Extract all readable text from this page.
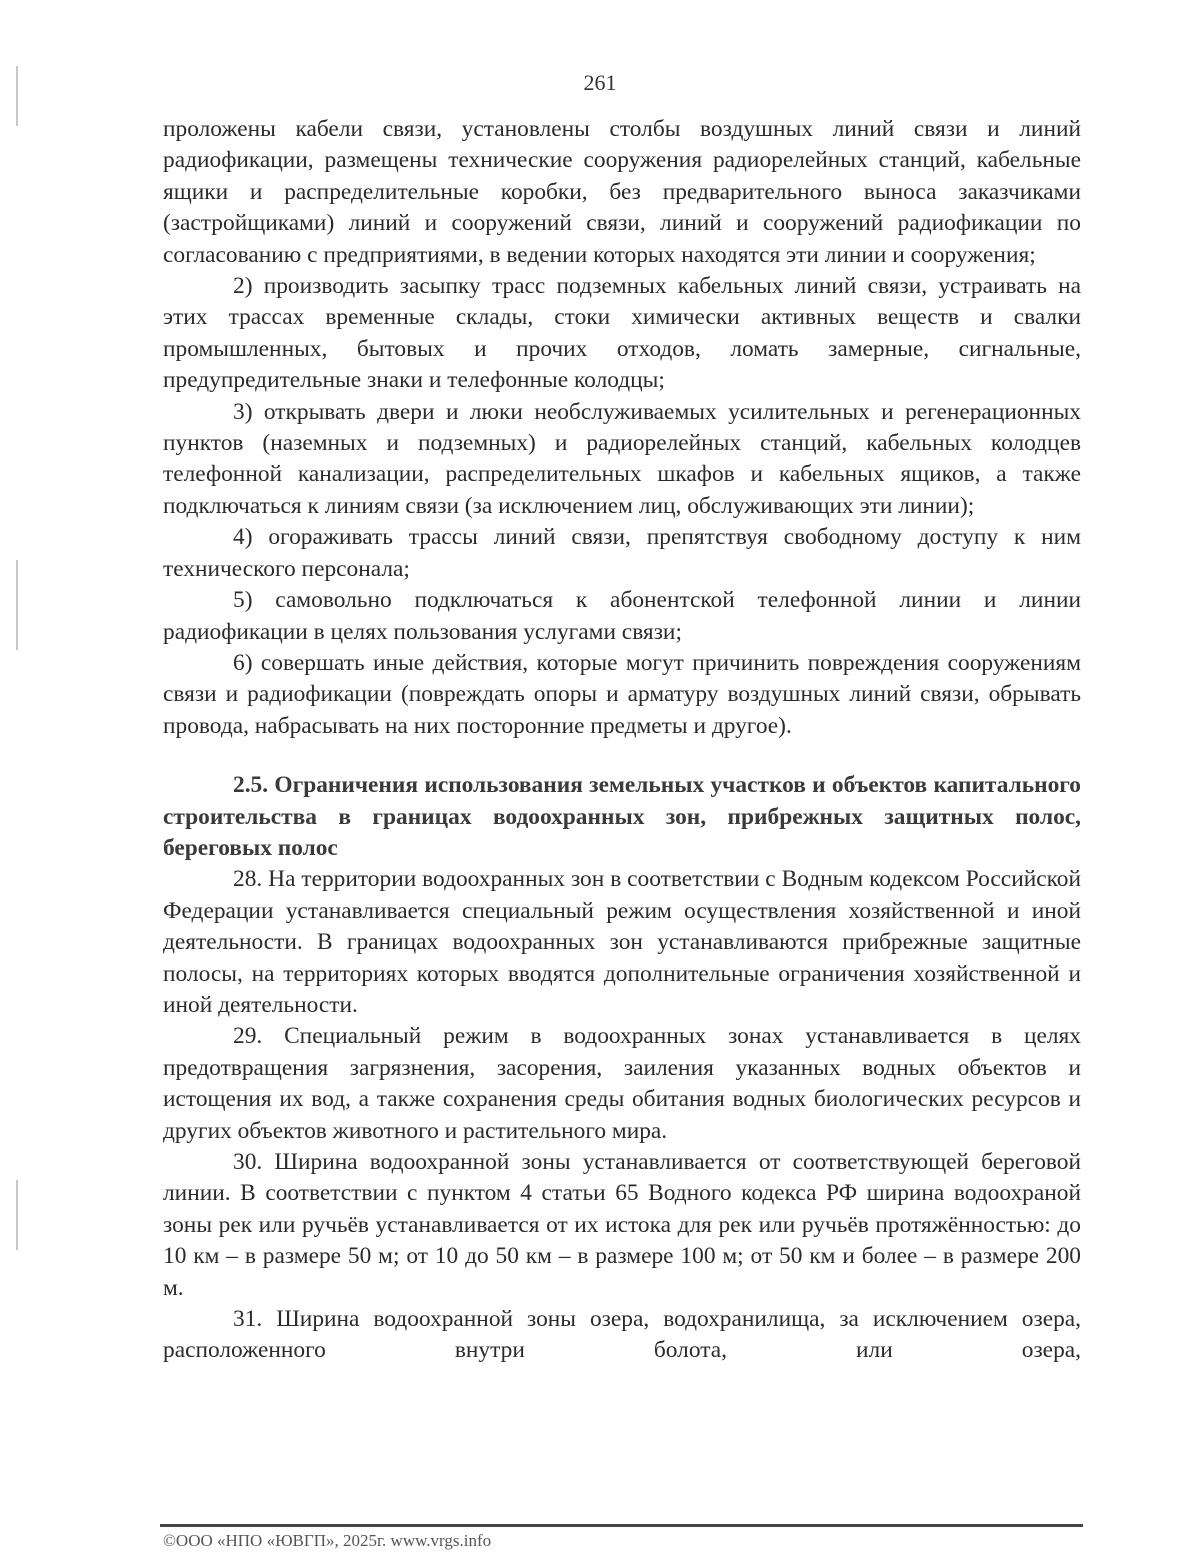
261

проложены кабели связи, установлены столбы воздушных линий связи и линий радиофикации, размещены технические сооружения радиорелейных станций, кабельные ящики и распределительные коробки, без предварительного выноса заказчиками (застройщиками) линий и сооружений связи, линий и сооружений радиофикации по согласованию с предприятиями, в ведении которых находятся эти линии и сооружения;

2) производить засыпку трасс подземных кабельных линий связи, устраивать на этих трассах временные склады, стоки химически активных веществ и свалки промышленных, бытовых и прочих отходов, ломать замерные, сигнальные, предупредительные знаки и телефонные колодцы;

3) открывать двери и люки необслуживаемых усилительных и регенерационных пунктов (наземных и подземных) и радиорелейных станций, кабельных колодцев телефонной канализации, распределительных шкафов и кабельных ящиков, а также подключаться к линиям связи (за исключением лиц, обслуживающих эти линии);

4) огораживать трассы линий связи, препятствуя свободному доступу к ним технического персонала;

5) самовольно подключаться к абонентской телефонной линии и линии радиофикации в целях пользования услугами связи;

6) совершать иные действия, которые могут причинить повреждения сооружениям связи и радиофикации (повреждать опоры и арматуру воздушных линий связи, обрывать провода, набрасывать на них посторонние предметы и другое).

2.5. Ограничения использования земельных участков и объектов капитального строительства в границах водоохранных зон, прибрежных защитных полос, береговых полос

28. На территории водоохранных зон в соответствии с Водным кодексом Российской Федерации устанавливается специальный режим осуществления хозяйственной и иной деятельности. В границах водоохранных зон устанавливаются прибрежные защитные полосы, на территориях которых вводятся дополнительные ограничения хозяйственной и иной деятельности.

29. Специальный режим в водоохранных зонах устанавливается в целях предотвращения загрязнения, засорения, заиления указанных водных объектов и истощения их вод, а также сохранения среды обитания водных биологических ресурсов и других объектов животного и растительного мира.

30. Ширина водоохранной зоны устанавливается от соответствующей береговой линии. В соответствии с пунктом 4 статьи 65 Водного кодекса РФ ширина водоохраной зоны рек или ручьёв устанавливается от их истока для рек или ручьёв протяжённостью: до 10 км – в размере 50 м; от 10 до 50 км – в размере 100 м; от 50 км и более – в размере 200 м.

31. Ширина водоохранной зоны озера, водохранилища, за исключением озера, расположенного внутри болота, или озера,

©ООО «НПО «ЮВГП», 2025г. www.vrgs.info
